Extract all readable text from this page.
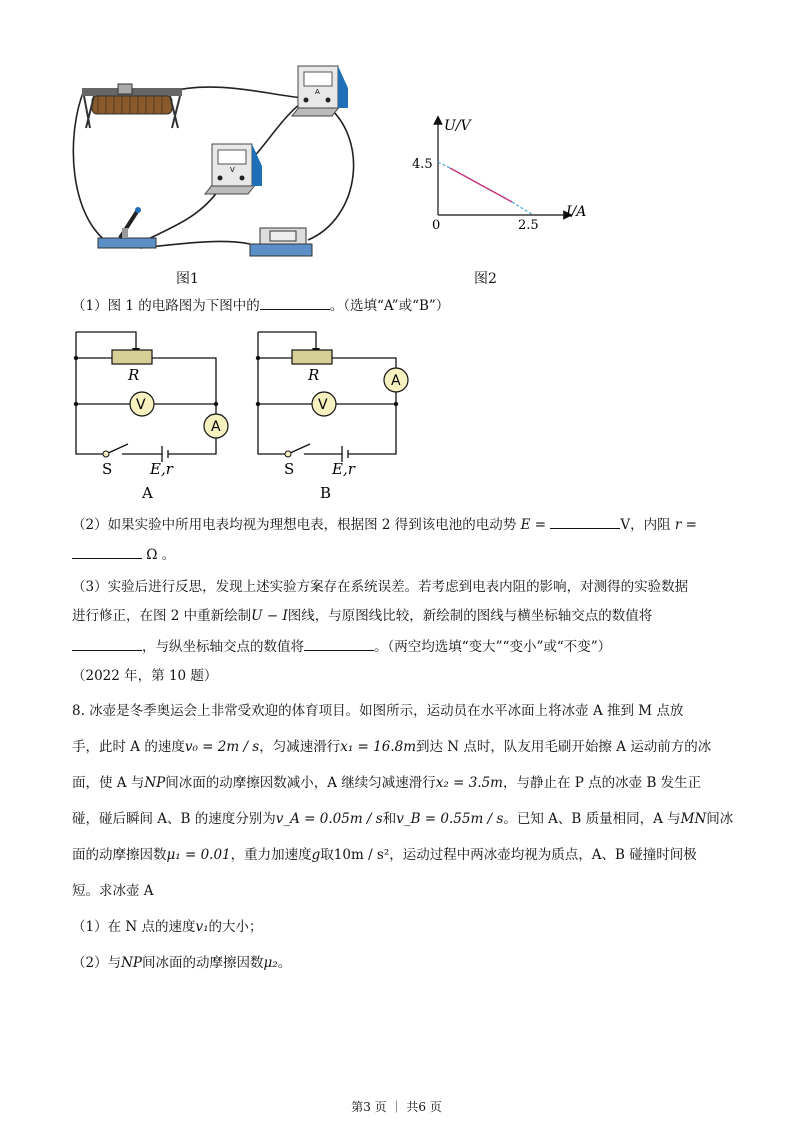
A
V
图1
U/V
4.5
0	2.5
I/A
图2
（1）图 1 的电路图为下图中的	。（选填“A”或“B”）
V
A
R
S	E,r
A
V
A
R
S	E,r
B
（2）如果实验中所用电表均视为理想电表，根据图 2 得到该电池的电动势 E =	V，内阻 r =
Ω 。
（3）实验后进行反思，发现上述实验方案存在系统误差。若考虑到电表内阻的影响，对测得的实验数据
进行修正，在图 2 中重新绘制U − I图线，与原图线比较，新绘制的图线与横坐标轴交点的数值将
，与纵坐标轴交点的数值将	。（两空均选填“变大”“变小”或“不变”）
（2022 年，第 10 题）
8. 冰壶是冬季奥运会上非常受欢迎的体育项目。如图所示，运动员在水平冰面上将冰壶 A 推到 M 点放
手，此时 A 的速度v₀ = 2m / s，匀减速滑行x₁ = 16.8m到达 N 点时，队友用毛刷开始擦 A 运动前方的冰
面，使 A 与NP间冰面的动摩擦因数减小，A 继续匀减速滑行x₂ = 3.5m，与静止在 P 点的冰壶 B 发生正
碰，碰后瞬间 A、B 的速度分别为v_A = 0.05m / s和v_B = 0.55m / s。已知 A、B 质量相同，A 与MN间冰
面的动摩擦因数μ₁ = 0.01，重力加速度g取10m / s²，运动过程中两冰壶均视为质点，A、B 碰撞时间极
短。求冰壶 A
（1）在 N 点的速度v₁的大小；
（2）与NP间冰面的动摩擦因数μ₂。
第3 页 ｜ 共6 页
